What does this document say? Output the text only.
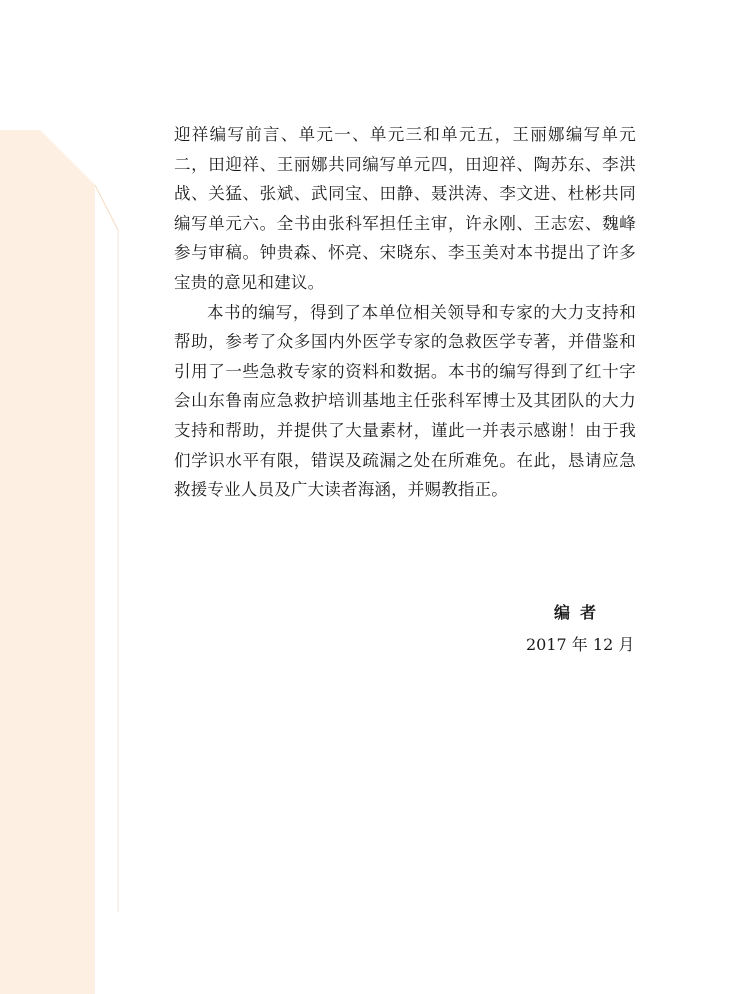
迎祥编写前言、单元一、单元三和单元五，王丽娜编写单元二，田迎祥、王丽娜共同编写单元四，田迎祥、陶苏东、李洪战、关猛、张斌、武同宝、田静、聂洪涛、李文进、杜彬共同编写单元六。全书由张科军担任主审，许永刚、王志宏、魏峰参与审稿。钟贵森、怀亮、宋晓东、李玉美对本书提出了许多宝贵的意见和建议。

本书的编写，得到了本单位相关领导和专家的大力支持和帮助，参考了众多国内外医学专家的急救医学专著，并借鉴和引用了一些急救专家的资料和数据。本书的编写得到了红十字会山东鲁南应急救护培训基地主任张科军博士及其团队的大力支持和帮助，并提供了大量素材，谨此一并表示感谢！由于我们学识水平有限，错误及疏漏之处在所难免。在此，恳请应急救援专业人员及广大读者海涵，并赐教指正。

编者
2017 年 12 月
